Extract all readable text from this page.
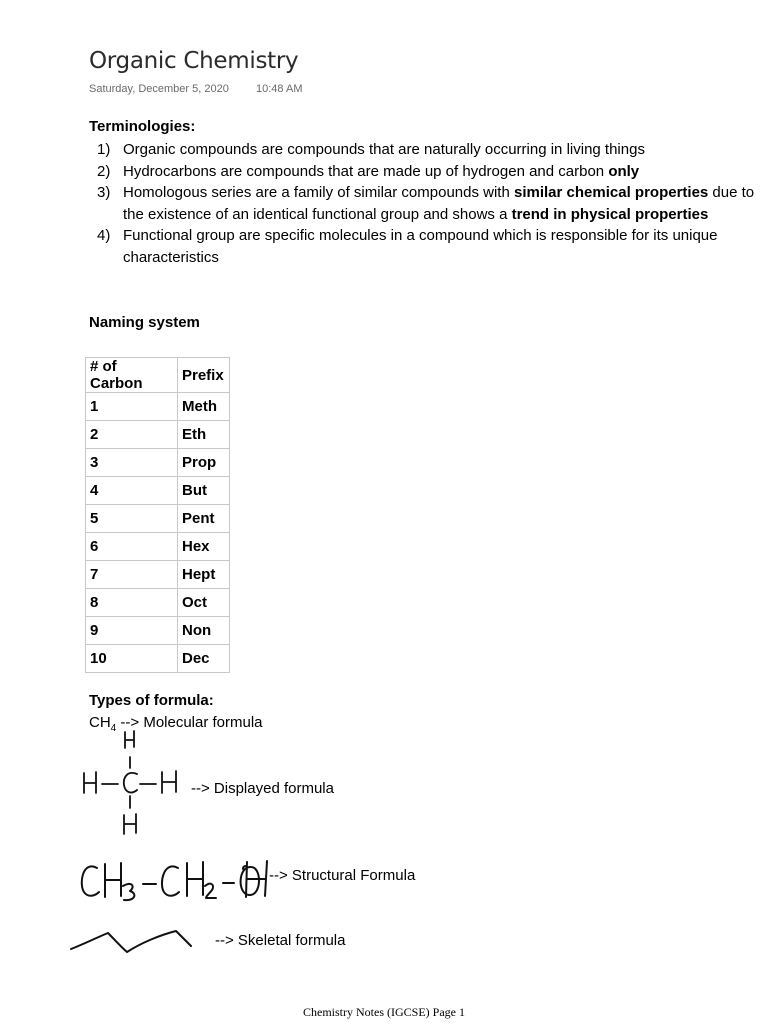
Organic Chemistry
Saturday, December 5, 2020 10:48 AM
Terminologies:
1) Organic compounds are compounds that are naturally occurring in living things
2) Hydrocarbons are compounds that are made up of hydrogen and carbon only
3) Homologous series are a family of similar compounds with similar chemical properties due to the existence of an identical functional group and shows a trend in physical properties
4) Functional group are specific molecules in a compound which is responsible for its unique characteristics
Naming system
# of Carbon	Prefix
1	Meth
2	Eth
3	Prop
4	But
5	Pent
6	Hex
7	Hept
8	Oct
9	Non
10	Dec
Types of formula:
$CH_4$ --> Molecular formula
--> Displayed formula
--> Structural Formula
--> Skeletal formula
Chemistry Notes (IGCSE) Page 1
